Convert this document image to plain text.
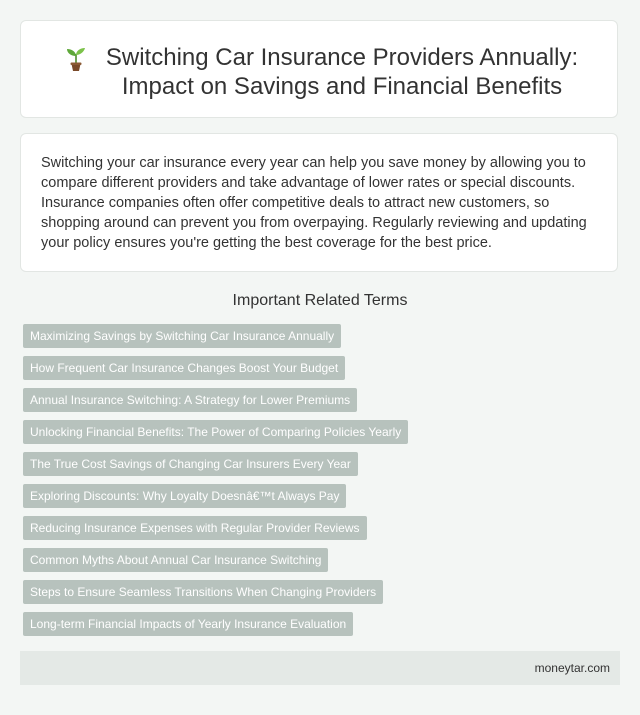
Switching Car Insurance Providers Annually: Impact on Savings and Financial Benefits

Switching your car insurance every year can help you save money by allowing you to compare different providers and take advantage of lower rates or special discounts. Insurance companies often offer competitive deals to attract new customers, so shopping around can prevent you from overpaying. Regularly reviewing and updating your policy ensures you're getting the best coverage for the best price.

Important Related Terms
Maximizing Savings by Switching Car Insurance Annually
How Frequent Car Insurance Changes Boost Your Budget
Annual Insurance Switching: A Strategy for Lower Premiums
Unlocking Financial Benefits: The Power of Comparing Policies Yearly
The True Cost Savings of Changing Car Insurers Every Year
Exploring Discounts: Why Loyalty Doesnâ€™t Always Pay
Reducing Insurance Expenses with Regular Provider Reviews
Common Myths About Annual Car Insurance Switching
Steps to Ensure Seamless Transitions When Changing Providers
Long-term Financial Impacts of Yearly Insurance Evaluation
moneytar.com
